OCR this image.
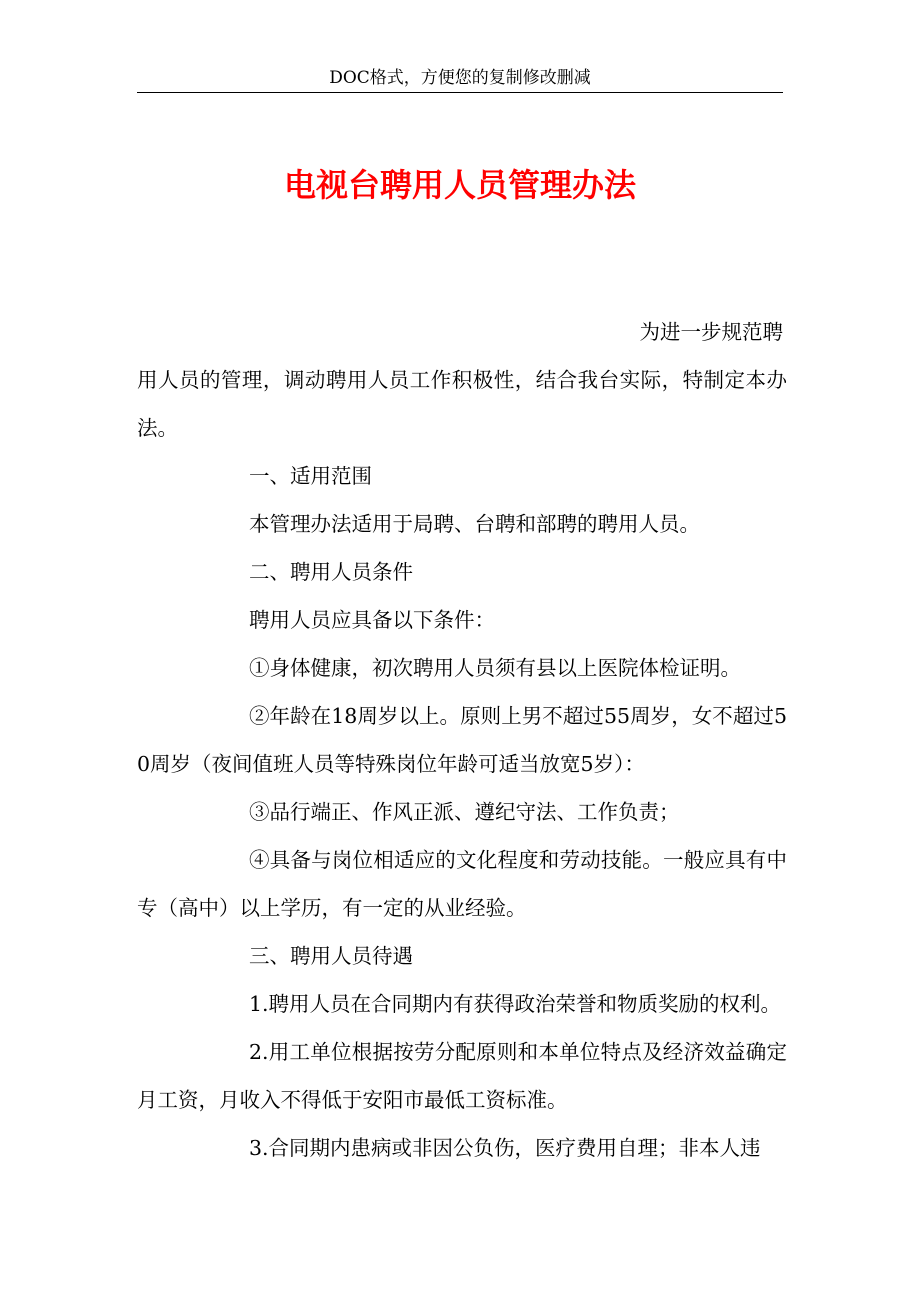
DOC格式，方便您的复制修改删减
电视台聘用人员管理办法

为进一步规范聘

用人员的管理，调动聘用人员工作积极性，结合我台实际，特制定本办法。

一、适用范围

本管理办法适用于局聘、台聘和部聘的聘用人员。

二、聘用人员条件

聘用人员应具备以下条件：

①身体健康，初次聘用人员须有县以上医院体检证明。

②年龄在18周岁以上。原则上男不超过55周岁，女不超过50周岁（夜间值班人员等特殊岗位年龄可适当放宽5岁）：

③品行端正、作风正派、遵纪守法、工作负责；

④具备与岗位相适应的文化程度和劳动技能。一般应具有中专（高中）以上学历，有一定的从业经验。

三、聘用人员待遇

1.聘用人员在合同期内有获得政治荣誉和物质奖励的权利。

2.用工单位根据按劳分配原则和本单位特点及经济效益确定月工资，月收入不得低于安阳市最低工资标准。

3.合同期内患病或非因公负伤，医疗费用自理；非本人违
